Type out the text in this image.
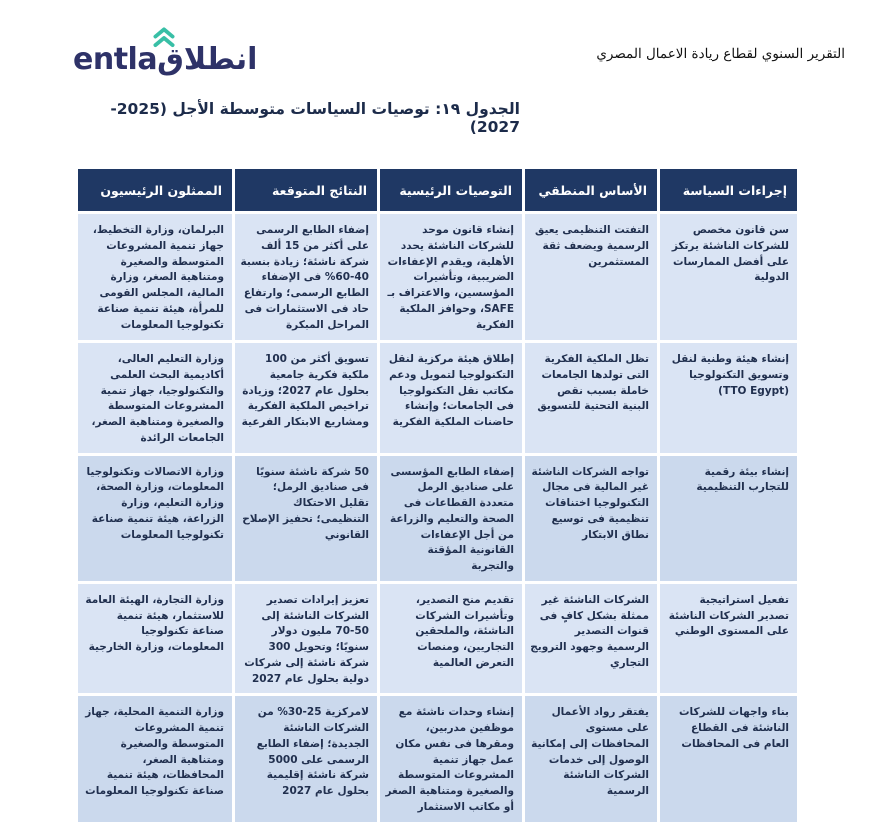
entlaانطلاق	التقرير السنوي لقطاع ريادة الاعمال المصري
الجدول ١٩: توصيات السياسات متوسطة الأجل (2025-2027)
إجراءات السياسة	الأساس المنطقي	التوصيات الرئيسية	النتائج المتوقعة	الممثلون الرئيسيون
سن قانون مخصص للشركات الناشئة يرتكز على أفضل الممارسات الدولية	التفتت التنظيمى يعيق الرسمية ويضعف ثقة المستثمرين	إنشاء قانون موحد للشركات الناشئة يحدد الأهلية، ويقدم الإعفاءات الضريبية، وتأشيرات المؤسسين، والاعتراف بـ SAFE، وحوافز الملكية الفكرية	إضفاء الطابع الرسمى على أكثر من 15 ألف شركة ناشئة؛ زيادة بنسبة 40-60% فى الإضفاء الطابع الرسمى؛ وارتفاع حاد فى الاستثمارات فى المراحل المبكرة	البرلمان، وزارة التخطيط، جهاز تنمية المشروعات المتوسطة والصغيرة ومتناهية الصغر، وزارة المالية، المجلس القومى للمرأة، هيئة تنمية صناعة تكنولوجيا المعلومات
إنشاء هيئة وطنية لنقل وتسويق التكنولوجيا (TTO Egypt)	تظل الملكية الفكرية التى تولدها الجامعات خاملة بسبب نقص البنية التحتية للتسويق	إطلاق هيئة مركزية لنقل التكنولوجيا لتمويل ودعم مكاتب نقل التكنولوجيا فى الجامعات؛ وإنشاء حاضنات الملكية الفكرية	تسويق أكثر من 100 ملكية فكرية جامعية بحلول عام 2027؛ وزيادة تراخيص الملكية الفكرية ومشاريع الابتكار الفرعية	وزارة التعليم العالى، أكاديمية البحث العلمى والتكنولوجيا، جهاز تنمية المشروعات المتوسطة والصغيرة ومتناهية الصغر، الجامعات الرائدة
إنشاء بيئة رقمية للتجارب التنظيمية	تواجه الشركات الناشئة غير المالية فى مجال التكنولوجيا اختناقات تنظيمية فى توسيع نطاق الابتكار	إضفاء الطابع المؤسسى على صناديق الرمل متعددة القطاعات فى الصحة والتعليم والزراعة من أجل الإعفاءات القانونية المؤقتة والتجربة	50 شركة ناشئة سنويًا فى صناديق الرمل؛ تقليل الاحتكاك التنظيمى؛ تحفيز الإصلاح القانوني	وزارة الاتصالات وتكنولوجيا المعلومات، وزارة الصحة، وزارة التعليم، وزارة الزراعة، هيئة تنمية صناعة تكنولوجيا المعلومات
تفعيل استراتيجية تصدير الشركات الناشئة على المستوى الوطني	الشركات الناشئة غير ممثلة بشكل كافٍ فى قنوات التصدير الرسمية وجهود الترويج التجاري	تقديم منح التصدير، وتأشيرات الشركات الناشئة، والملحقين التجاريين، ومنصات التعرض العالمية	تعزيز إيرادات تصدير الشركات الناشئة إلى 50-70 مليون دولار سنويًا؛ وتحويل 300 شركة ناشئة إلى شركات دولية بحلول عام 2027	وزارة التجارة، الهيئة العامة للاستثمار، هيئة تنمية صناعة تكنولوجيا المعلومات، وزارة الخارجية
بناء واجهات للشركات الناشئة فى القطاع العام فى المحافظات	يفتقر رواد الأعمال على مستوى المحافظات إلى إمكانية الوصول إلى خدمات الشركات الناشئة الرسمية	إنشاء وحدات ناشئة مع موظفين مدربين، ومقرها فى نفس مكان عمل جهاز تنمية المشروعات المتوسطة والصغيرة ومتناهية الصغر أو مكاتب الاستثمار	لامركزية 25-30% من الشركات الناشئة الجديدة؛ إضفاء الطابع الرسمى على 5000 شركة ناشئة إقليمية بحلول عام 2027	وزارة التنمية المحلية، جهاز تنمية المشروعات المتوسطة والصغيرة ومتناهية الصغر، المحافظات، هيئة تنمية صناعة تكنولوجيا المعلومات
